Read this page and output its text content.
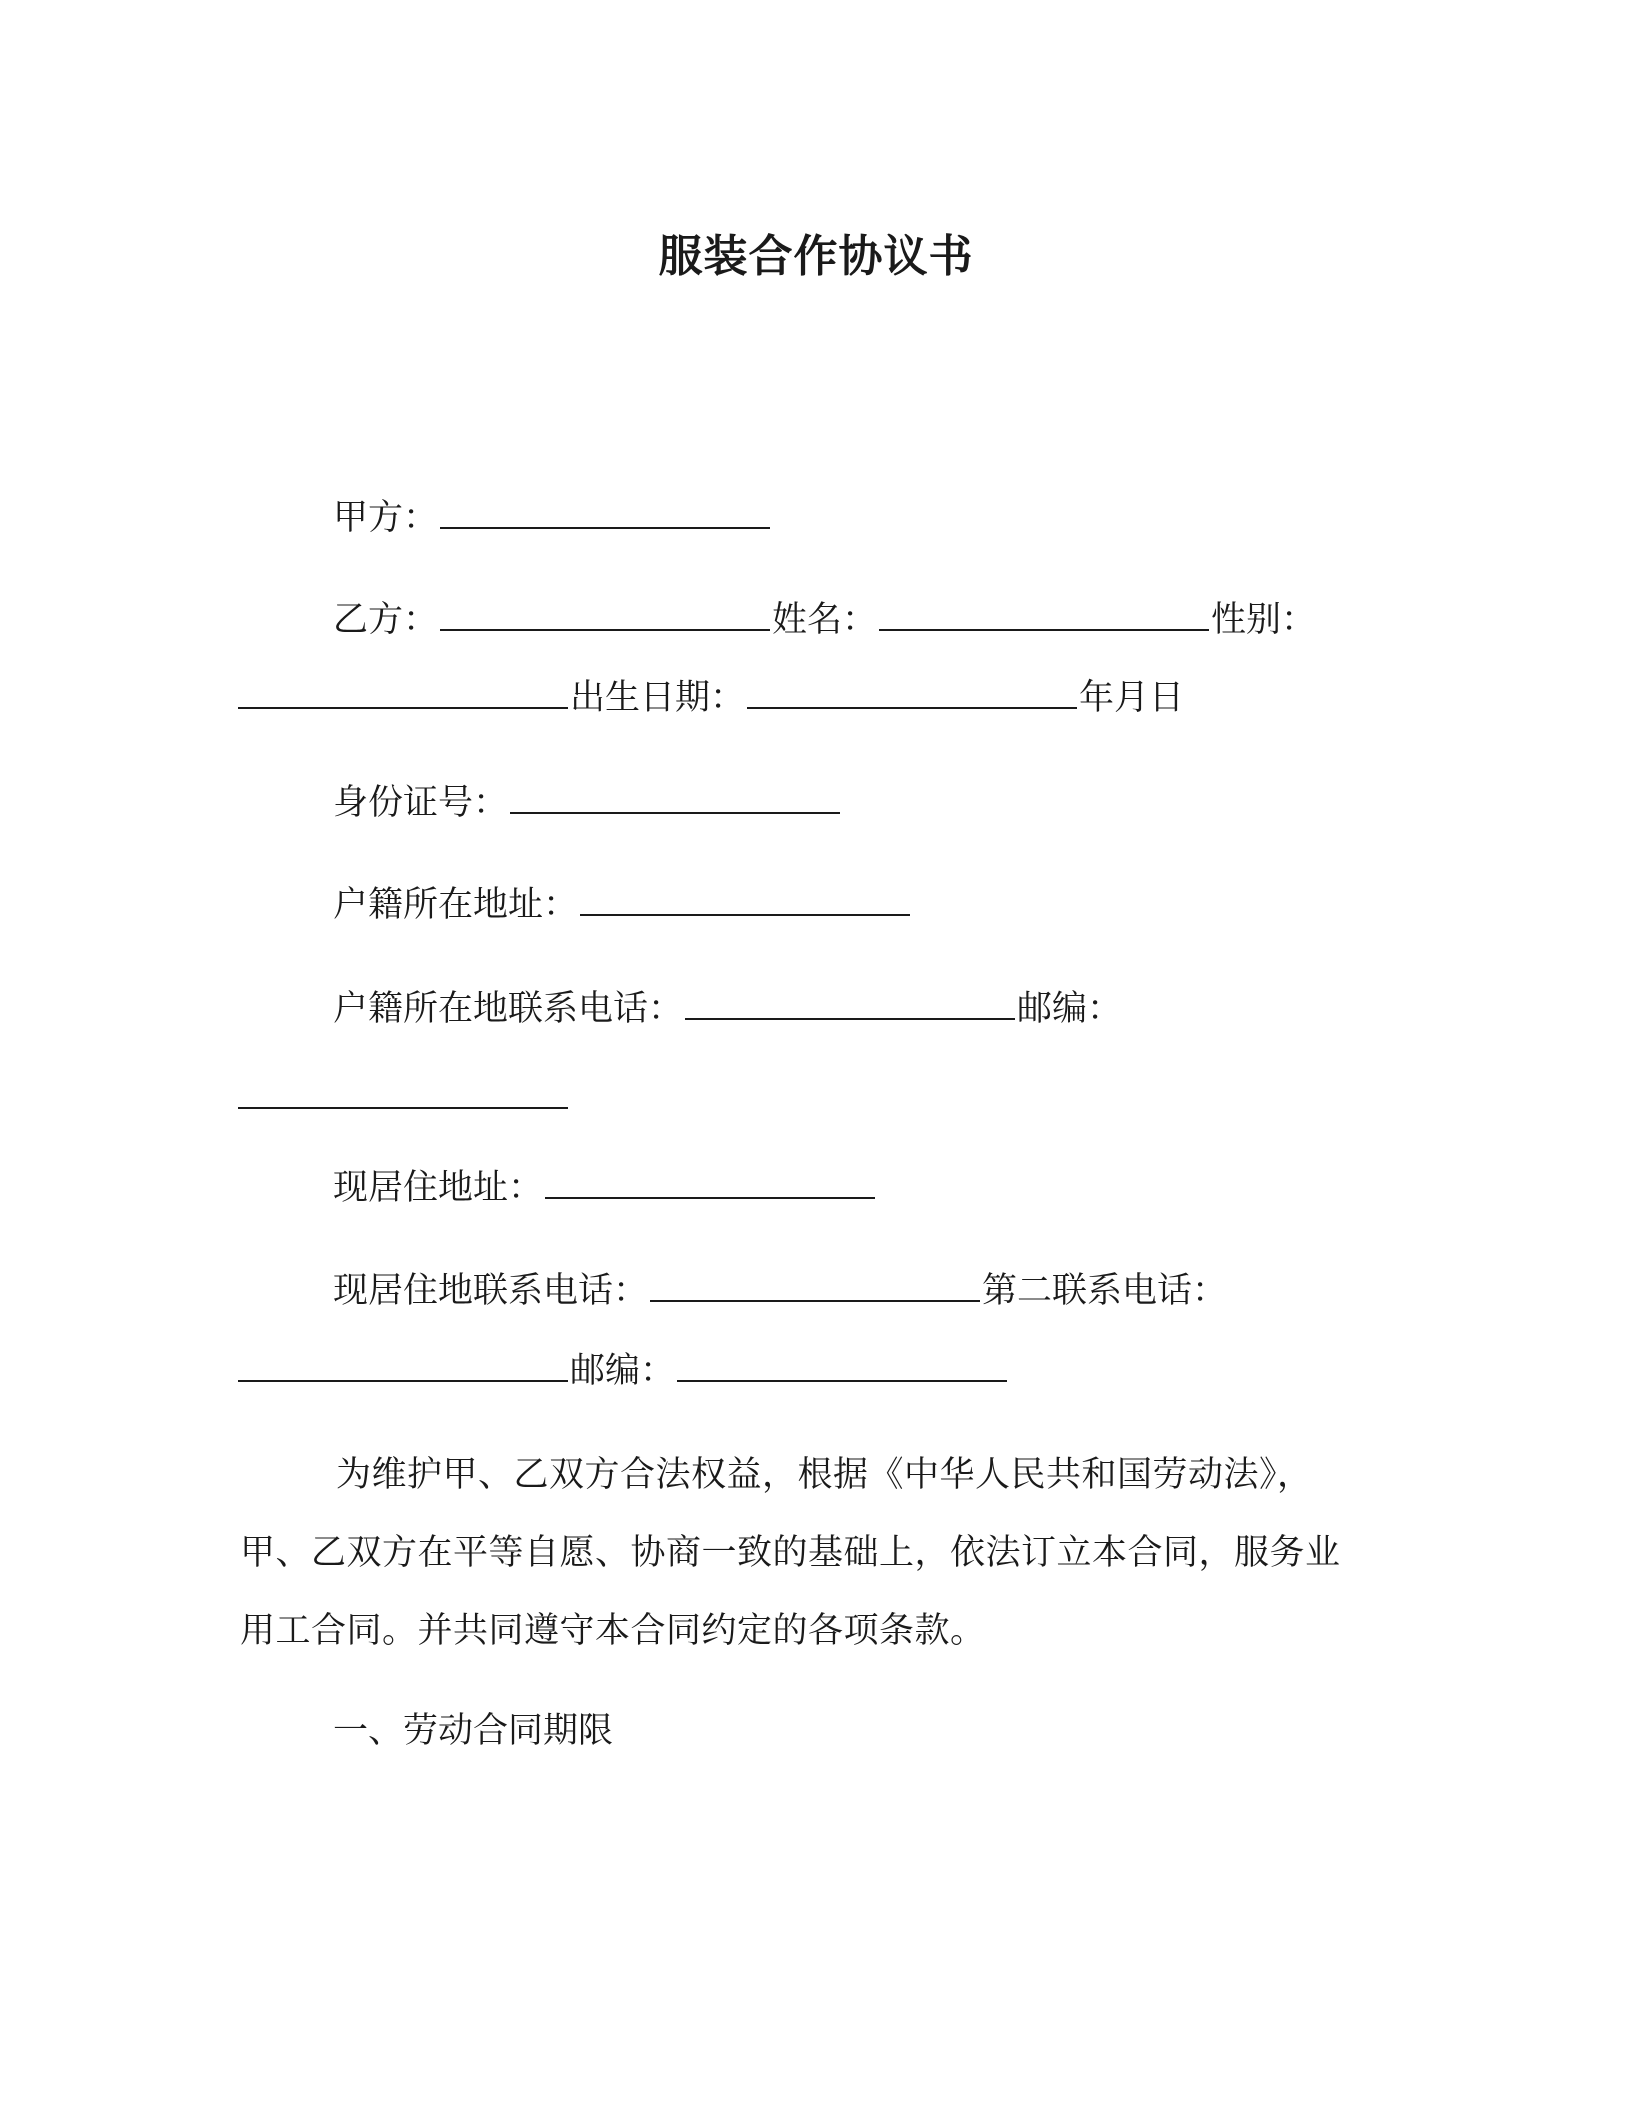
服装合作协议书
甲方：
乙方：	姓名：	性别：
出生日期：	年月日
身份证号：
户籍所在地址：
户籍所在地联系电话：	邮编：
现居住地址：
现居住地联系电话：	第二联系电话：
邮编：
为维护甲、乙双方合法权益，根据《中华人民共和国劳动法》，甲、乙双方在平等自愿、协商一致的基础上，依法订立本合同，服务业用工合同。并共同遵守本合同约定的各项条款。
一、劳动合同期限
